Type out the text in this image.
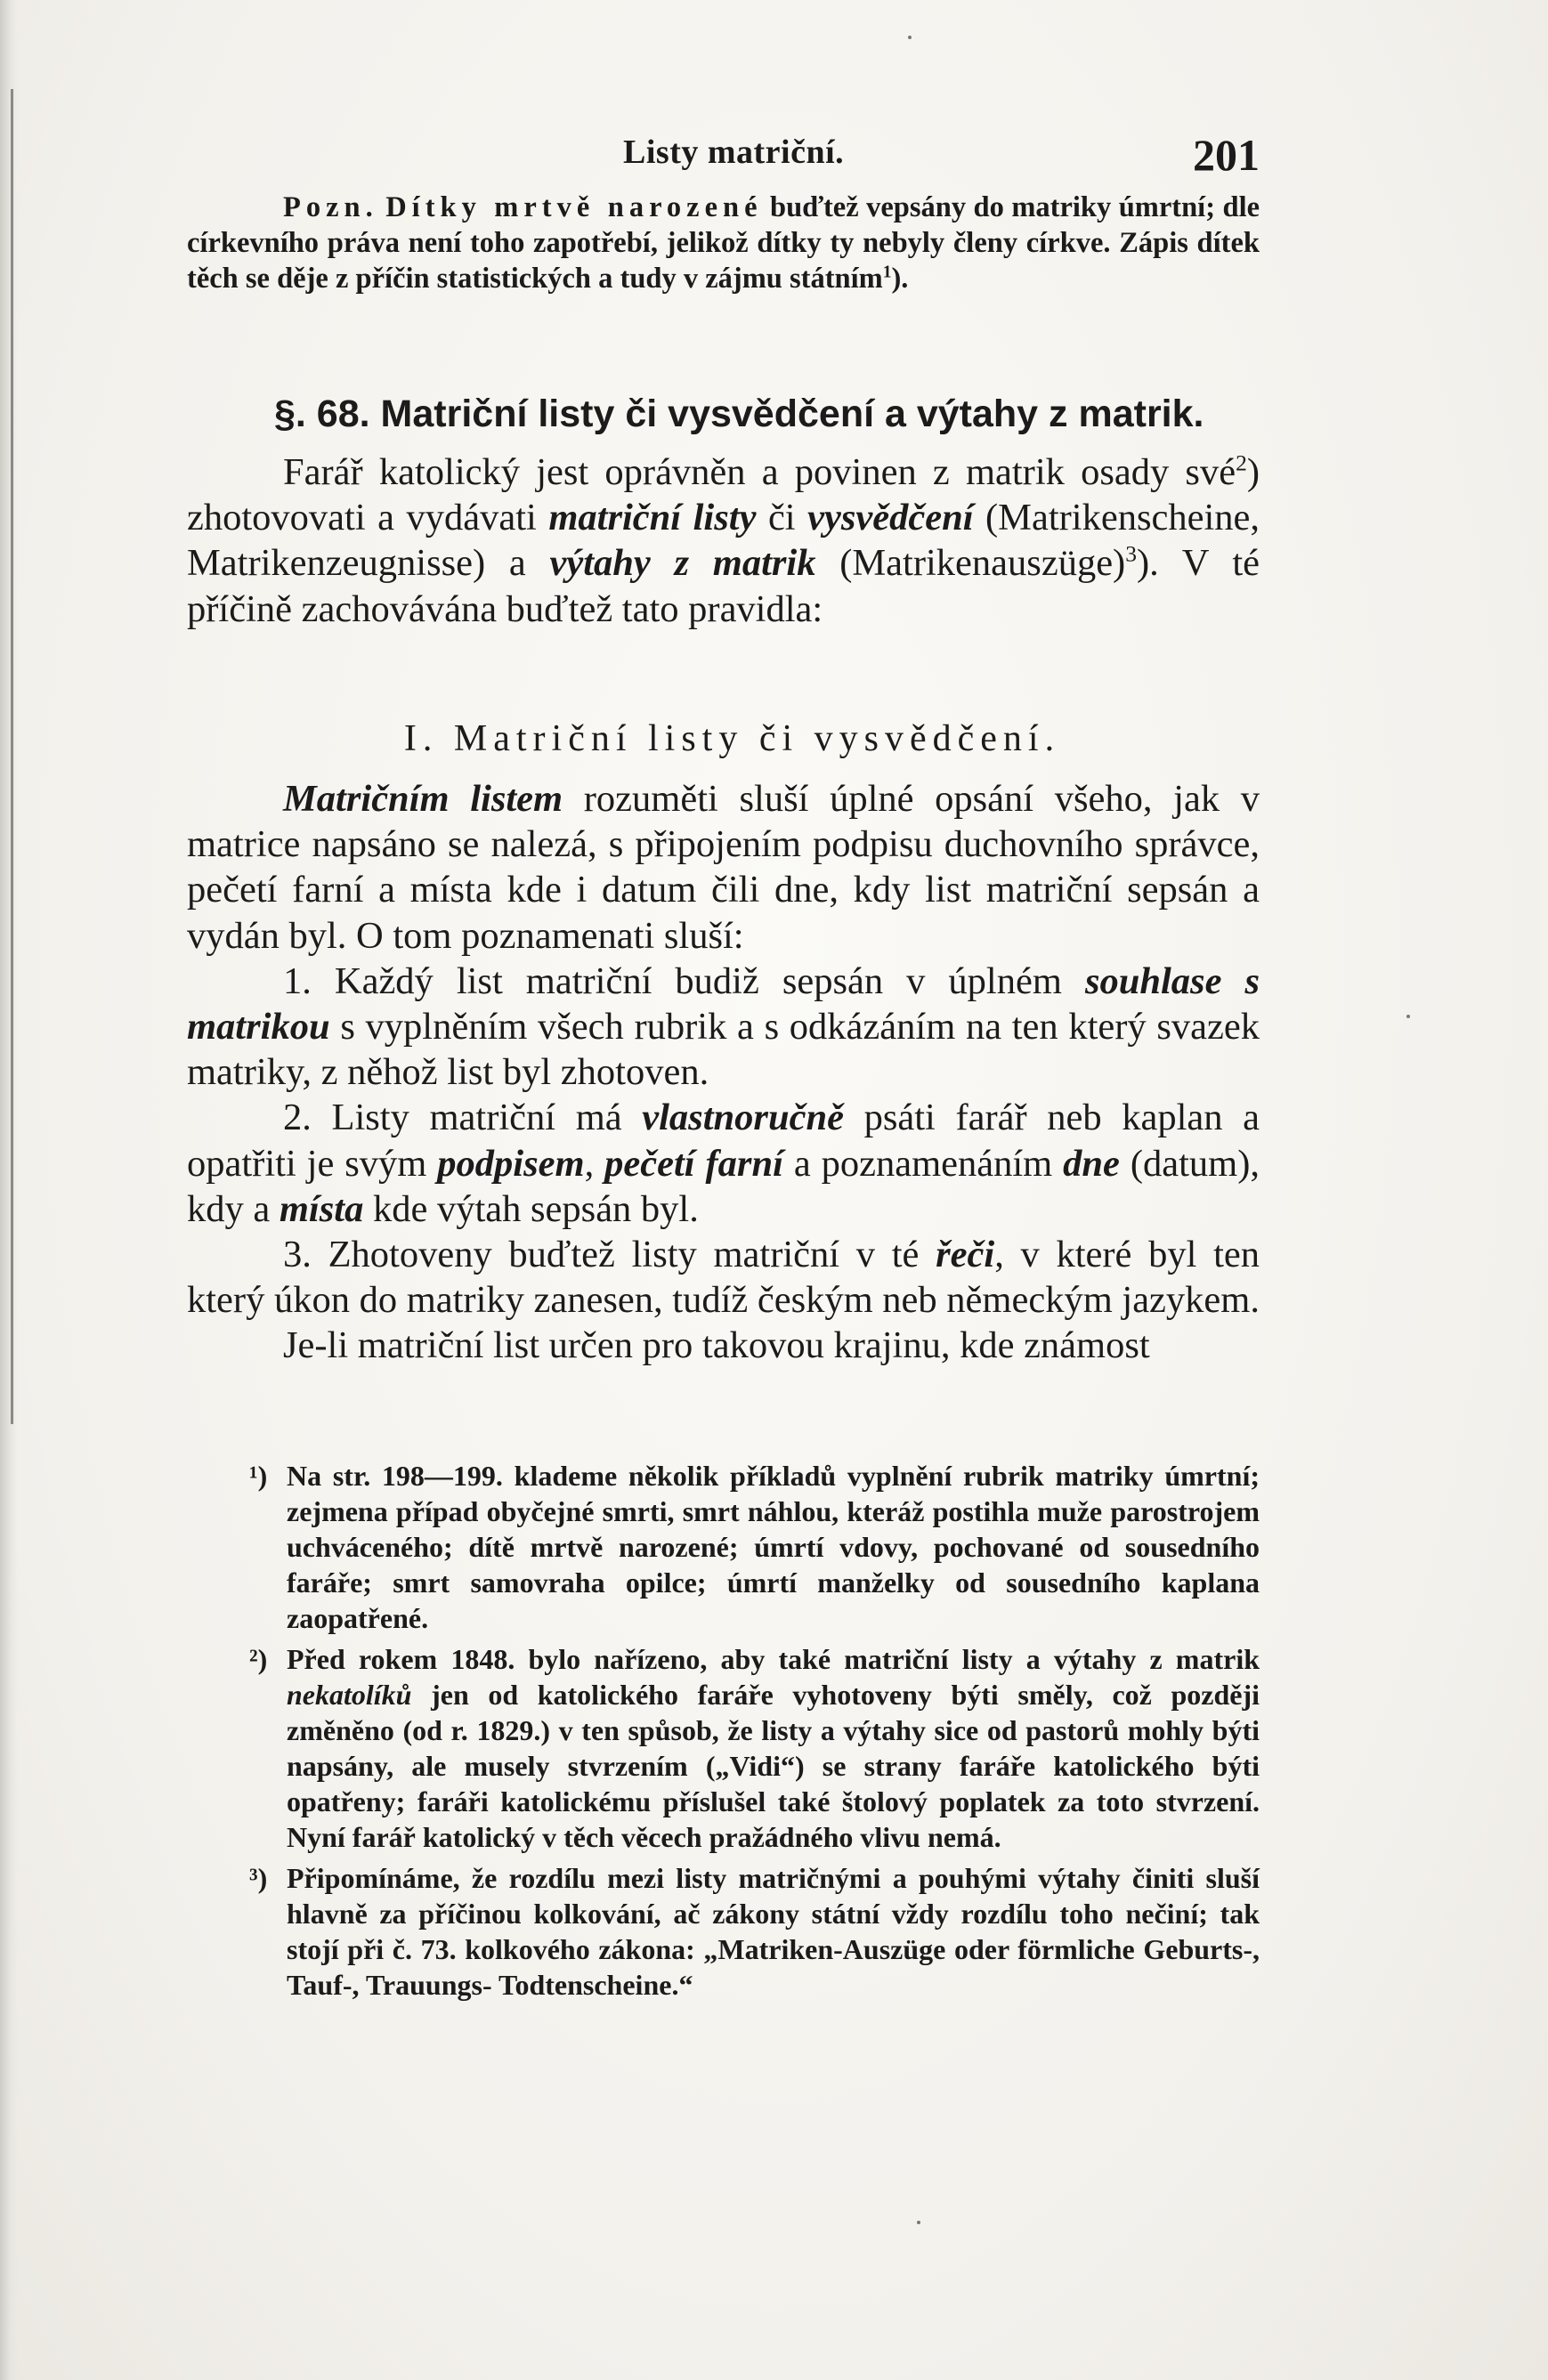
Listy matriční.	201
Pozn. Dítky mrtvě narozené buďtež vepsány do matriky úmrtní; dle církevního práva není toho zapotřebí, jelikož dítky ty nebyly členy církve. Zápis dítek těch se děje z příčin statistických a tudy v zájmu státním$^1$).
§. 68. Matriční listy či vysvědčení a výtahy z matrik.

Farář katolický jest oprávněn a povinen z matrik osady své$^2$) zhotovovati a vydávati matriční listy či vysvědčení (Matrikenscheine, Matrikenzeugnisse) a výtahy z matrik (Matrikenauszüge)$^3$). V té příčině zachovávána buďtež tato pravidla:

I. Matriční listy či vysvědčení.

Matričním listem rozuměti sluší úplné opsání všeho, jak v matrice napsáno se nalezá, s připojením podpisu duchovního správce, pečetí farní a místa kde i datum čili dne, kdy list matriční sepsán a vydán byl. O tom poznamenati sluší:

1. Každý list matriční budiž sepsán v úplném souhlase s matrikou s vyplněním všech rubrik a s odkázáním na ten který svazek matriky, z něhož list byl zhotoven.

2. Listy matriční má vlastnoručně psáti farář neb kaplan a opatřiti je svým podpisem, pečetí farní a poznamenáním dne (datum), kdy a místa kde výtah sepsán byl.

3. Zhotoveny buďtež listy matriční v té řeči, v které byl ten který úkon do matriky zanesen, tudíž českým neb německým jazykem.

Je-li matriční list určen pro takovou krajinu, kde známost

¹) Na str. 198—199. klademe několik příkladů vyplnění rubrik matriky úmrtní; zejmena případ obyčejné smrti, smrt náhlou, kteráž postihla muže parostrojem uchváceného; dítě mrtvě narozené; úmrtí vdovy, pochované od sousedního faráře; smrt samovraha opilce; úmrtí manželky od sousedního kaplana zaopatřené.

²) Před rokem 1848. bylo nařízeno, aby také matriční listy a výtahy z matrik nekatolíků jen od katolického faráře vyhotoveny býti směly, což později změněno (od r. 1829.) v ten spůsob, že listy a výtahy sice od pastorů mohly býti napsány, ale musely stvrzením („Vidi“) se strany faráře katolického býti opatřeny; faráři katolickému příslušel také štolový poplatek za toto stvrzení. Nyní farář katolický v těch věcech pražádného vlivu nemá.

³) Připomínáme, že rozdílu mezi listy matričnými a pouhými výtahy činiti sluší hlavně za příčinou kolkování, ač zákony státní vždy rozdílu toho nečiní; tak stojí při č. 73. kolkového zákona: „Matriken-Auszüge oder förmliche Geburts-, Tauf-, Trauungs- Todtenscheine.“
